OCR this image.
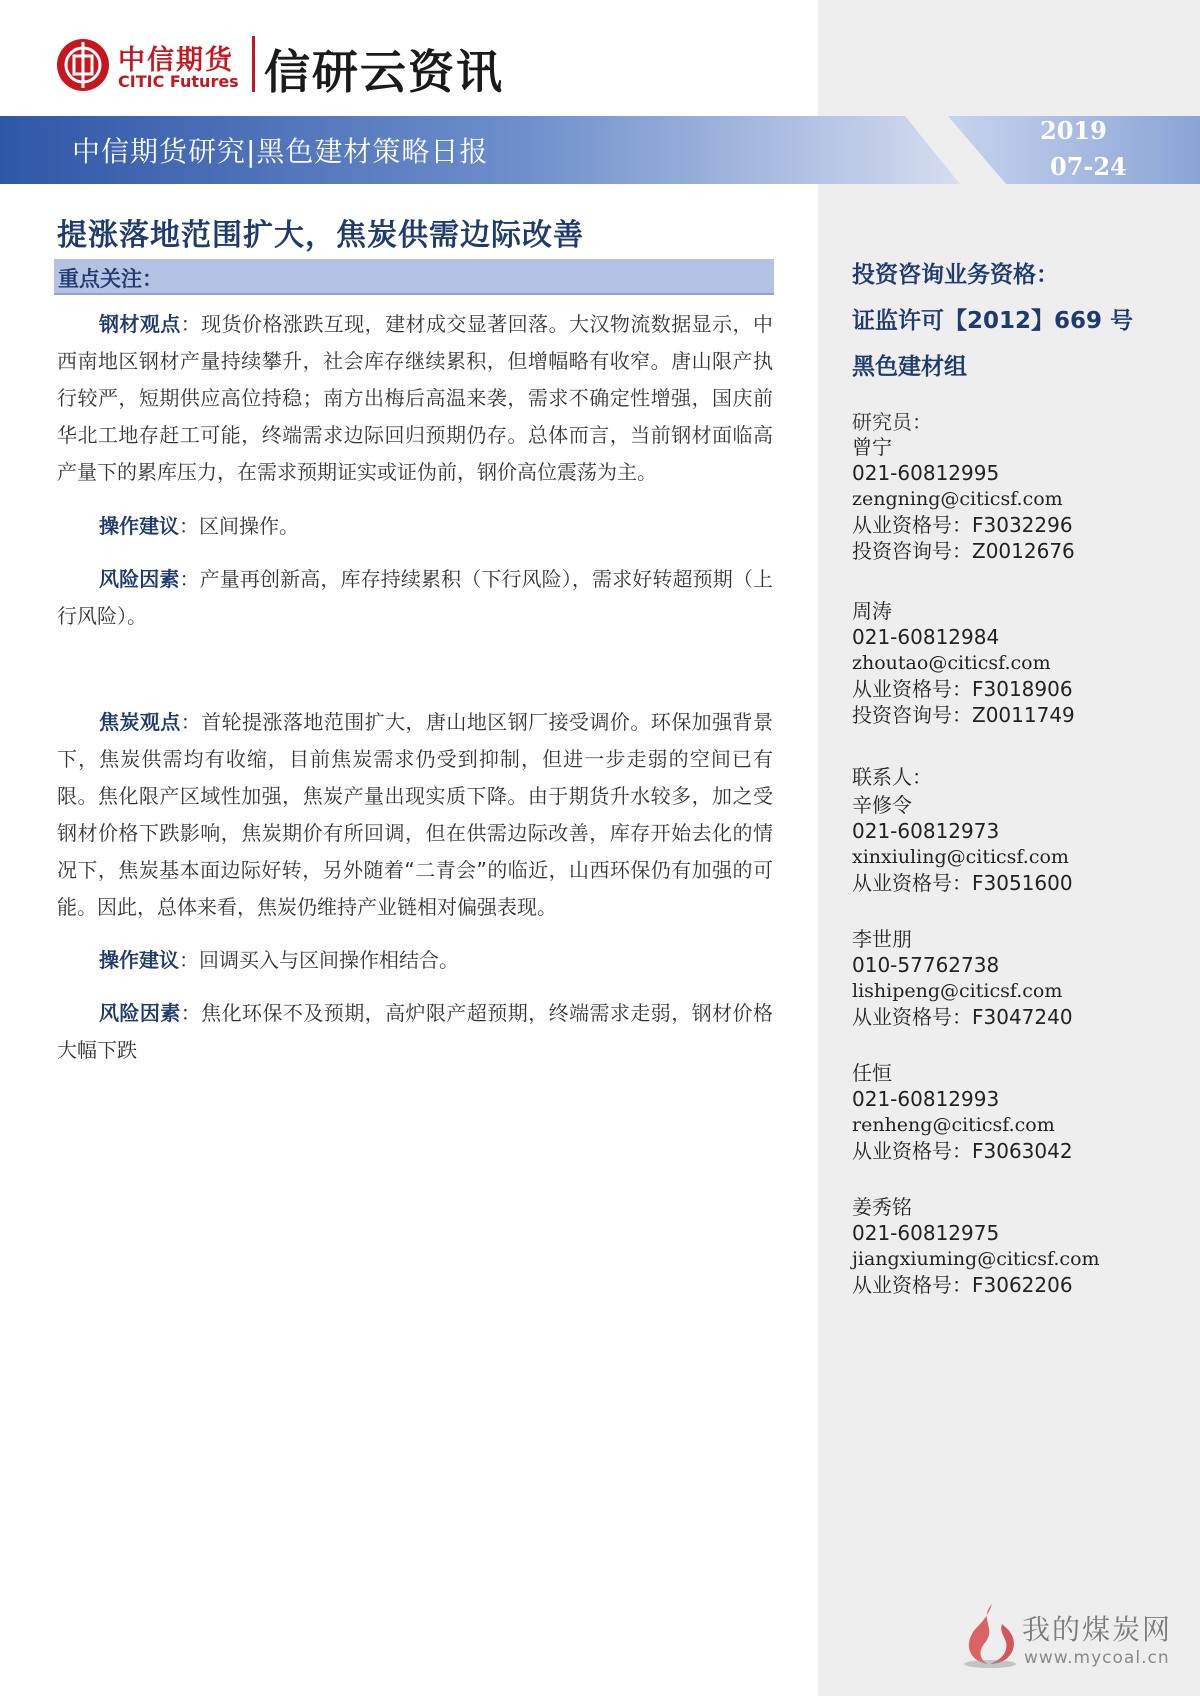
中信期货
CITIC Futures 信研云资讯
中信期货研究|黑色建材策略日报
2019
07-24
提涨落地范围扩大，焦炭供需边际改善
重点关注：

钢材观点：现货价格涨跌互现，建材成交显著回落。大汉物流数据显示，中西南地区钢材产量持续攀升，社会库存继续累积，但增幅略有收窄。唐山限产执行较严，短期供应高位持稳；南方出梅后高温来袭，需求不确定性增强，国庆前华北工地存赶工可能，终端需求边际回归预期仍存。总体而言，当前钢材面临高产量下的累库压力，在需求预期证实或证伪前，钢价高位震荡为主。

操作建议：区间操作。

风险因素：产量再创新高，库存持续累积（下行风险），需求好转超预期（上行风险）。

焦炭观点：首轮提涨落地范围扩大，唐山地区钢厂接受调价。环保加强背景下，焦炭供需均有收缩，目前焦炭需求仍受到抑制，但进一步走弱的空间已有限。焦化限产区域性加强，焦炭产量出现实质下降。由于期货升水较多，加之受钢材价格下跌影响，焦炭期价有所回调，但在供需边际改善，库存开始去化的情况下，焦炭基本面边际好转，另外随着“二青会”的临近，山西环保仍有加强的可能。因此，总体来看，焦炭仍维持产业链相对偏强表现。

操作建议：回调买入与区间操作相结合。

风险因素：焦化环保不及预期，高炉限产超预期，终端需求走弱，钢材价格大幅下跌

投资咨询业务资格：
证监许可【2012】669 号
黑色建材组
研究员：
曾宁
021-60812995
zengning@citicsf.com
从业资格号：F3032296
投资咨询号：Z0012676
周涛
021-60812984
zhoutao@citicsf.com
从业资格号：F3018906
投资咨询号：Z0011749
联系人：
辛修令
021-60812973
xinxiuling@citicsf.com
从业资格号：F3051600
李世朋
010-57762738
lishipeng@citicsf.com
从业资格号：F3047240
任恒
021-60812993
renheng@citicsf.com
从业资格号：F3063042
姜秀铭
021-60812975
jiangxiuming@citicsf.com
从业资格号：F3062206
我的煤炭网
www.mycoal.cn
